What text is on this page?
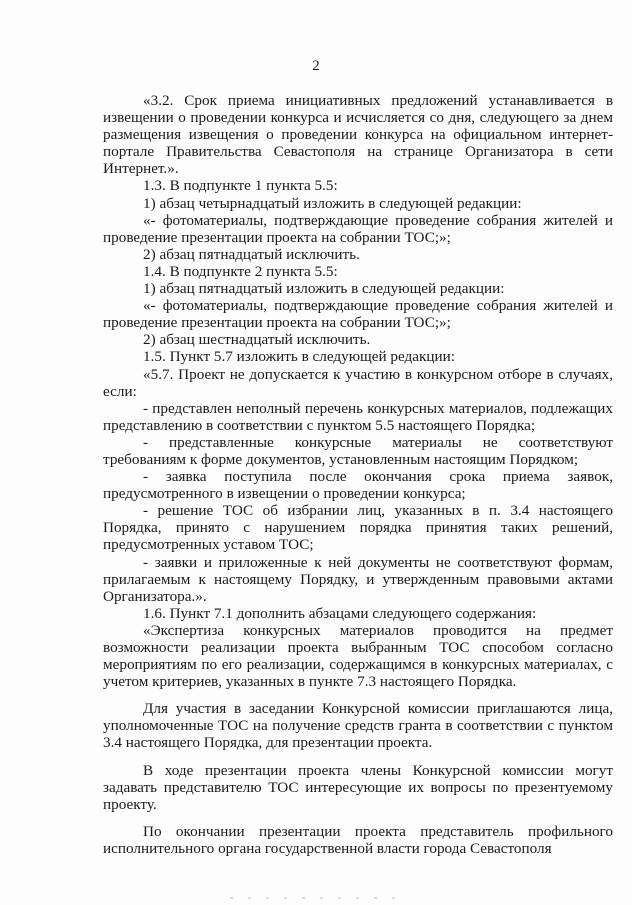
2

«3.2. Срок приема инициативных предложений устанавливается в извещении о проведении конкурса и исчисляется со дня, следующего за днем размещения извещения о проведении конкурса на официальном интернет-портале Правительства Севастополя на странице Организатора в сети Интернет.».

1.3. В подпункте 1 пункта 5.5:

1) абзац четырнадцатый изложить в следующей редакции:

«- фотоматериалы, подтверждающие проведение собрания жителей и проведение презентации проекта на собрании ТОС;»;

2) абзац пятнадцатый исключить.

1.4. В подпункте 2 пункта 5.5:

1) абзац пятнадцатый изложить в следующей редакции:

«- фотоматериалы, подтверждающие проведение собрания жителей и проведение презентации проекта на собрании ТОС;»;

2) абзац шестнадцатый исключить.

1.5. Пункт 5.7 изложить в следующей редакции:

«5.7. Проект не допускается к участию в конкурсном отборе в случаях, если:

- представлен неполный перечень конкурсных материалов, подлежащих представлению в соответствии с пунктом 5.5 настоящего Порядка;

- представленные конкурсные материалы не соответствуют требованиям к форме документов, установленным настоящим Порядком;

- заявка поступила после окончания срока приема заявок, предусмотренного в извещении о проведении конкурса;

- решение ТОС об избрании лиц, указанных в п. 3.4 настоящего Порядка, принято с нарушением порядка принятия таких решений, предусмотренных уставом ТОС;

- заявки и приложенные к ней документы не соответствуют формам, прилагаемым к настоящему Порядку, и утвержденным правовыми актами Организатора.».

1.6. Пункт 7.1 дополнить абзацами следующего содержания:

«Экспертиза конкурсных материалов проводится на предмет возможности реализации проекта выбранным ТОС способом согласно мероприятиям по его реализации, содержащимся в конкурсных материалах, с учетом критериев, указанных в пункте 7.3 настоящего Порядка.

Для участия в заседании Конкурсной комиссии приглашаются лица, уполномоченные ТОС на получение средств гранта в соответствии с пунктом 3.4 настоящего Порядка, для презентации проекта.

В ходе презентации проекта члены Конкурсной комиссии могут задавать представителю ТОС интересующие их вопросы по презентуемому проекту.

По окончании презентации проекта представитель профильного исполнительного органа государственной власти города Севастополя
